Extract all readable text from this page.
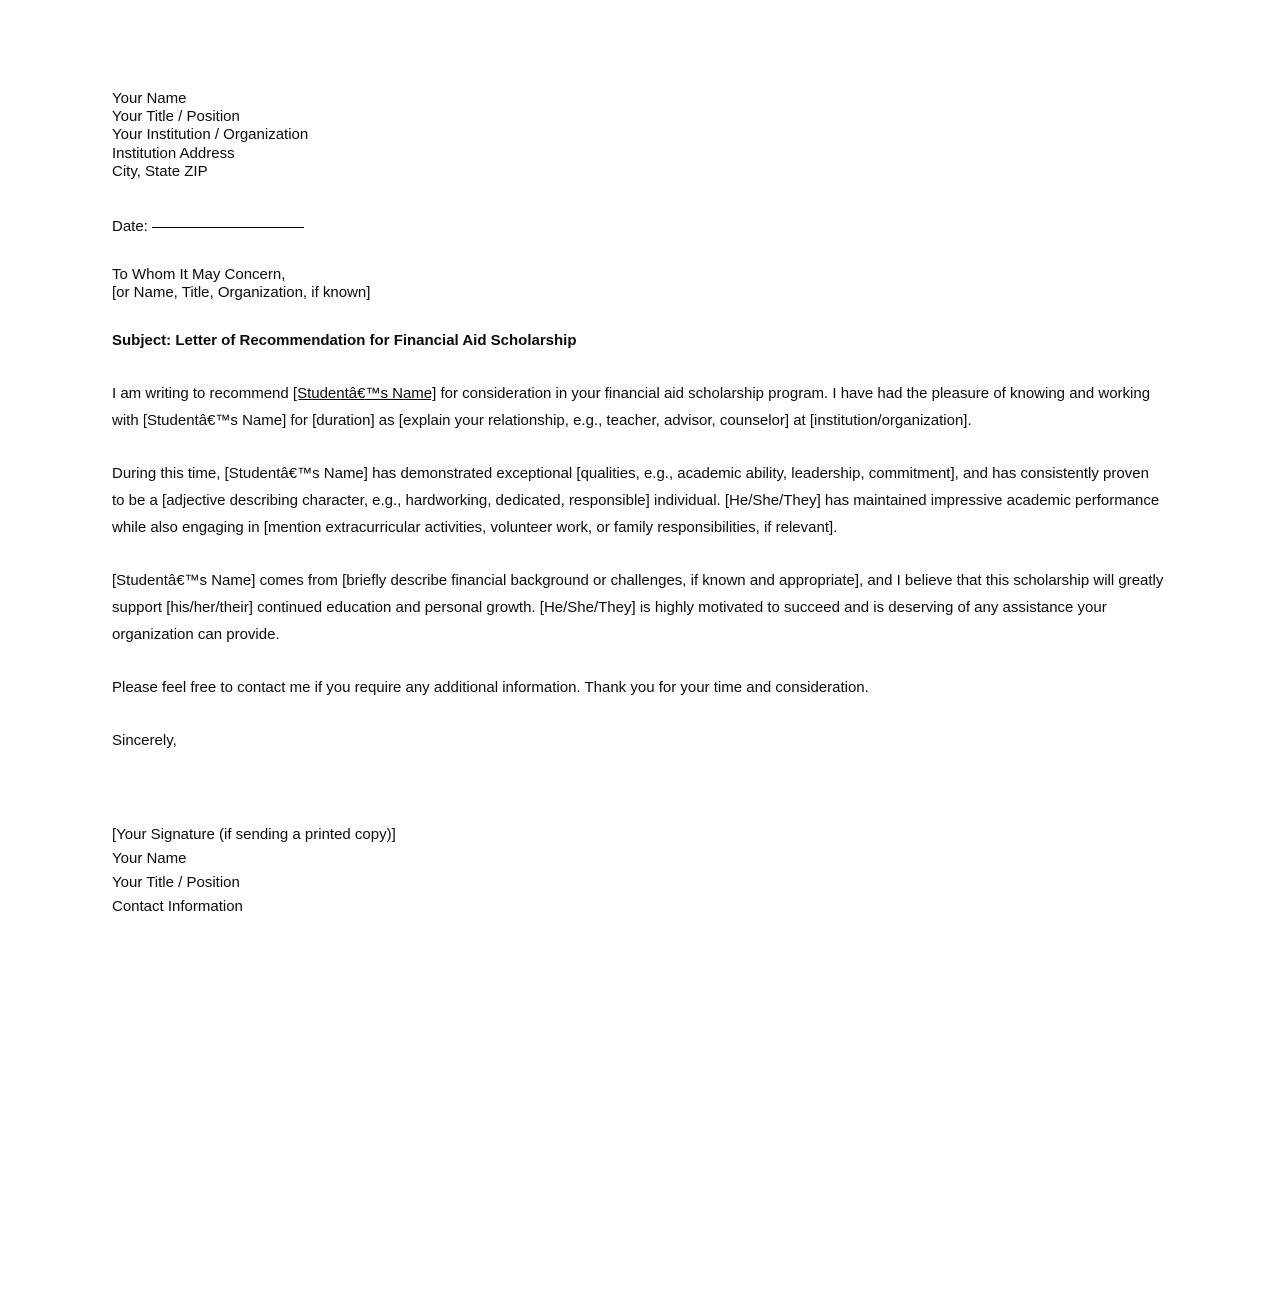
Your Name
Your Title / Position
Your Institution / Organization
Institution Address
City, State ZIP
Date:
To Whom It May Concern,
[or Name, Title, Organization, if known]
Subject: Letter of Recommendation for Financial Aid Scholarship

I am writing to recommend [Studentâ€™s Name] for consideration in your financial aid scholarship program. I have had the pleasure of knowing and working with [Studentâ€™s Name] for [duration] as [explain your relationship, e.g., teacher, advisor, counselor] at [institution/organization].

During this time, [Studentâ€™s Name] has demonstrated exceptional [qualities, e.g., academic ability, leadership, commitment], and has consistently proven to be a [adjective describing character, e.g., hardworking, dedicated, responsible] individual. [He/She/They] has maintained impressive academic performance while also engaging in [mention extracurricular activities, volunteer work, or family responsibilities, if relevant].

[Studentâ€™s Name] comes from [briefly describe financial background or challenges, if known and appropriate], and I believe that this scholarship will greatly support [his/her/their] continued education and personal growth. [He/She/They] is highly motivated to succeed and is deserving of any assistance your organization can provide.

Please feel free to contact me if you require any additional information. Thank you for your time and consideration.

Sincerely,
[Your Signature (if sending a printed copy)]
Your Name
Your Title / Position
Contact Information
